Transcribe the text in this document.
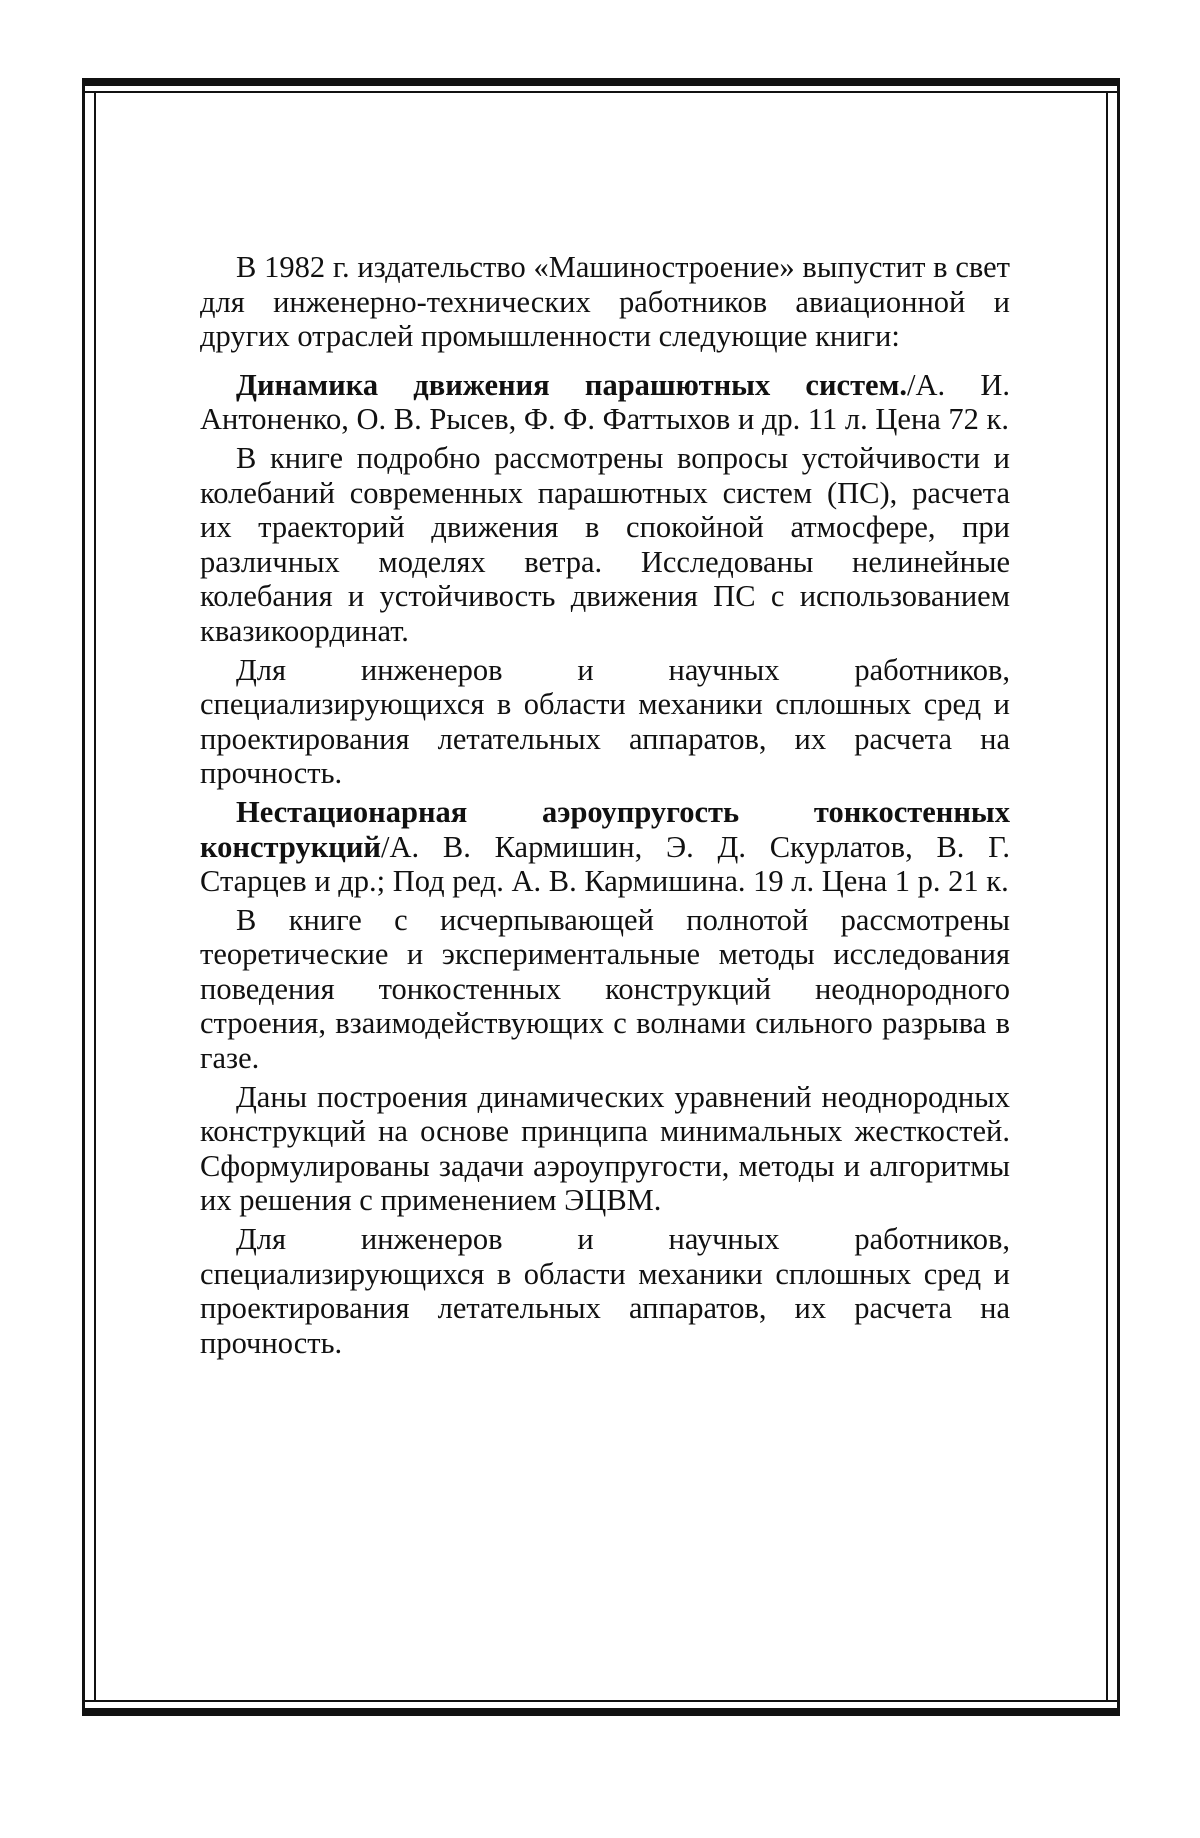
В 1982 г. издательство «Машиностроение» выпустит в свет для инженерно-технических работников авиационной и других отраслей промышленности следующие книги:

Динамика движения парашютных систем./А. И. Антоненко, О. В. Рысев, Ф. Ф. Фаттыхов и др. 11 л. Цена 72 к.

В книге подробно рассмотрены вопросы устойчивости и колебаний современных парашютных систем (ПС), расчета их траекторий движения в спокойной атмосфере, при различных моделях ветра. Исследованы нелинейные колебания и устойчивость движения ПС с использованием квазикоординат.

Для инженеров и научных работников, специализирующихся в области механики сплошных сред и проектирования летательных аппаратов, их расчета на прочность.

Нестационарная аэроупругость тонкостенных конструкций/А. В. Кармишин, Э. Д. Скурлатов, В. Г. Старцев и др.; Под ред. А. В. Кармишина. 19 л. Цена 1 р. 21 к.

В книге с исчерпывающей полнотой рассмотрены теоретические и экспериментальные методы исследования поведения тонкостенных конструкций неоднородного строения, взаимодействующих с волнами сильного разрыва в газе.

Даны построения динамических уравнений неоднородных конструкций на основе принципа минимальных жесткостей. Сформулированы задачи аэроупругости, методы и алгоритмы их решения с применением ЭЦВМ.

Для инженеров и научных работников, специализирующихся в области механики сплошных сред и проектирования летательных аппаратов, их расчета на прочность.
